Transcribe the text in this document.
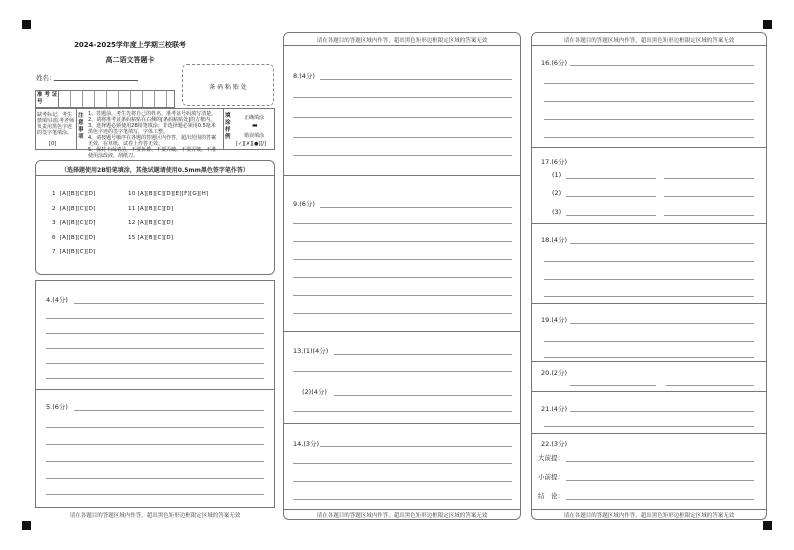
2024-2025学年度上学期三校联考
高二语文答题卡
姓名：
条 码 粘 贴 处
准 考 证 号
缺考标记，考生禁填!由监考老师负责用黑色字迹的签字笔填涂。
[0]
注 意 事 项
1、答题前，考生先将自己的姓名、准考证号码填写清楚。
2、请将准考证条码粘贴在右侧的[条码粘贴处]的方框内。
3、选择题必须使用2B铅笔填涂；非选择题必须用0.5毫米黑色字迹的签字笔填写，字体工整。
4、请按题号顺序在各题的答题区内作答，超出范围的答案无效，在草纸、试卷上作答无效。
5、保持卡面清洁，不要折叠、不要弄破、不要弄皱，不准使用涂改液、刮纸刀。
填 涂 样 例
正确填涂
▬
错误填涂
[✓][✗][●][/]
（选择题使用2B铅笔填涂，其他试题请使用0.5mm黑色签字笔作答）
1 [A][B][C][D]
2 [A][B][C][D]
3 [A][B][C][D]
6 [A][B][C][D]
7 [A][B][C][D]
10 [A][B][C][D][E][F][G][H]
11 [A][B][C][D]
12 [A][B][C][D]
15 [A][B][C][D]
4.(4分)
5.(6分)
请在各题目的答题区域内作答，超出黑色矩形边框限定区域的答案无效
请在各题目的答题区域内作答，超出黑色矩形边框限定区域的答案无效
8.(4分)
9.(6分)
13.(1)(4分)
(2)(4分)
14.(3分)
请在各题目的答题区域内作答，超出黑色矩形边框限定区域的答案无效
请在各题目的答题区域内作答，超出黑色矩形边框限定区域的答案无效
16.(6分)
17.(6分)
(1)
(2)
(3)
18.(4分)
19.(4分)
20.(2分)
21.(4分)
22.(3分)
大前提：
小前提：
结　论：
请在各题目的答题区域内作答，超出黑色矩形边框限定区域的答案无效
